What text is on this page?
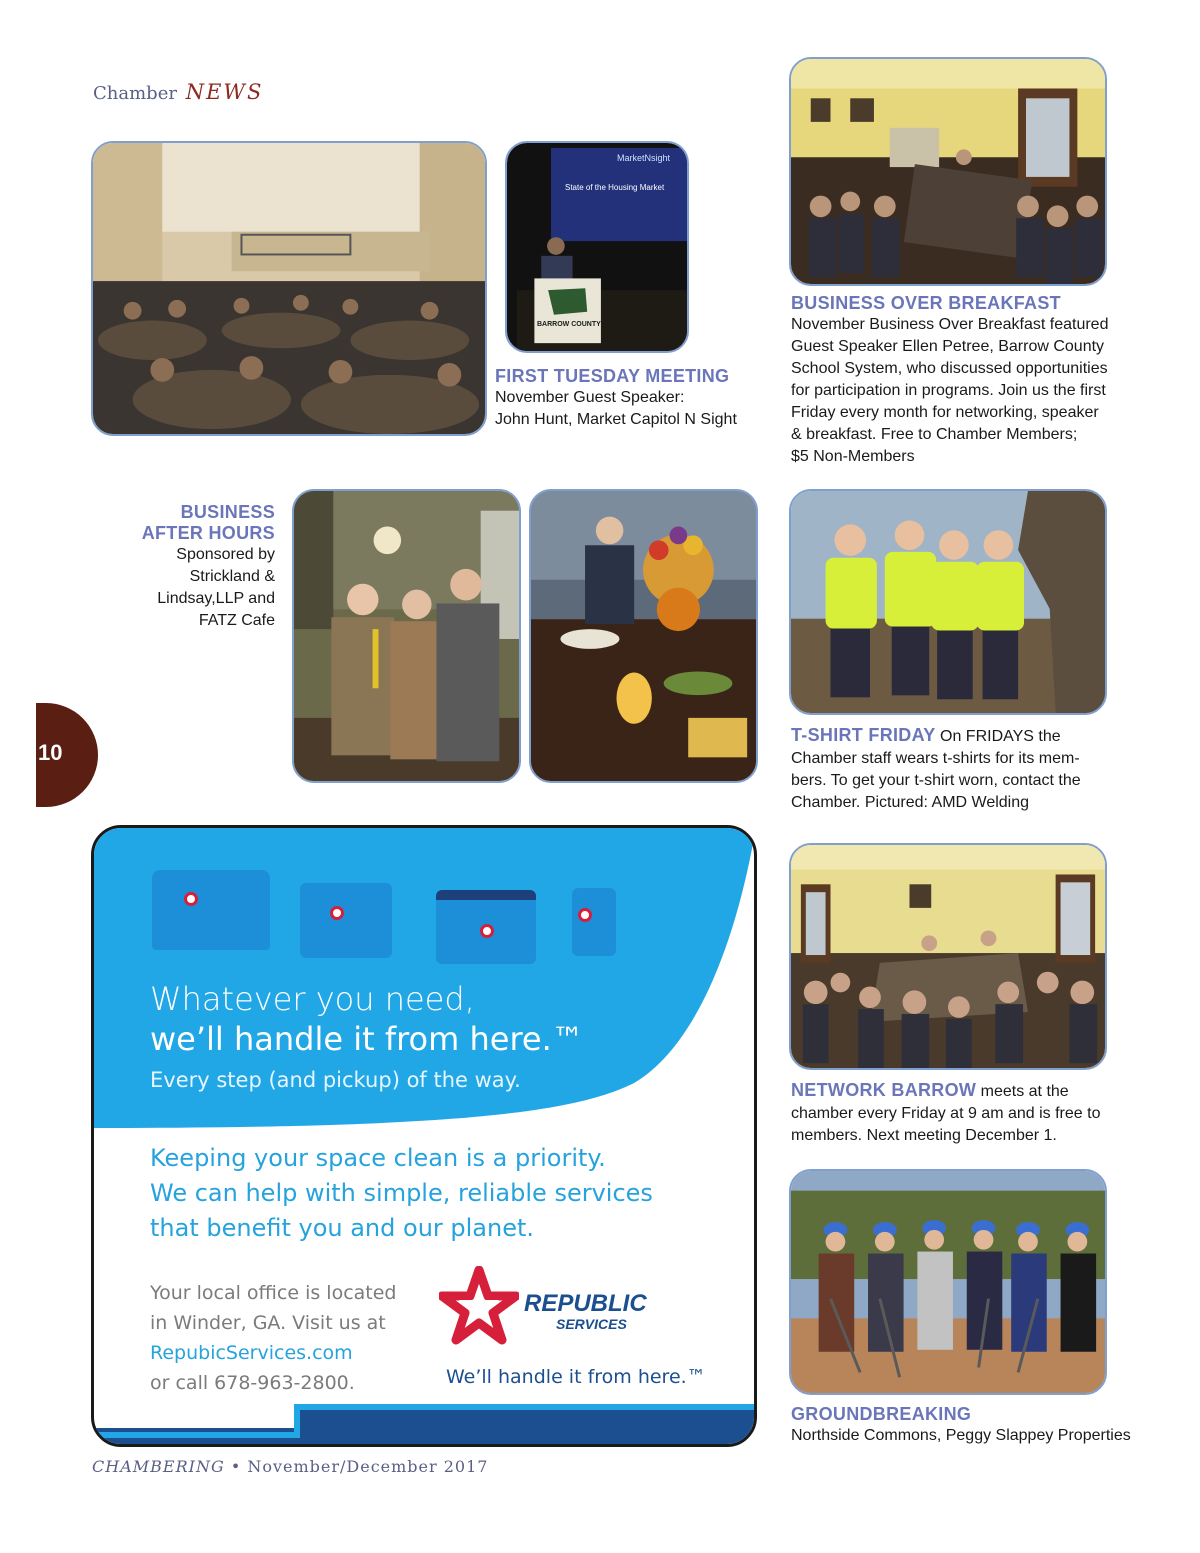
Chamber NEWS
MarketNsight
State of the Housing Market
BARROW COUNTY
FIRST TUESDAY MEETING
November Guest Speaker:
John Hunt, Market Capitol N Sight
BUSINESS OVER BREAKFAST
November Business Over Breakfast featured
Guest Speaker Ellen Petree, Barrow County
School System, who discussed opportunities
for participation in programs. Join us the first
Friday every month for networking, speaker
& breakfast. Free to Chamber Members;
$5 Non-Members
BUSINESS
AFTER HOURS
Sponsored by
Strickland &
Lindsay,LLP and
FATZ Cafe
T-SHIRT FRIDAY On FRIDAYS the
Chamber staff wears t-shirts for its mem-
bers. To get your t-shirt worn, contact the
Chamber. Pictured: AMD Welding
10
NETWORK BARROW meets at the
chamber every Friday at 9 am and is free to
members. Next meeting December 1.
GROUNDBREAKING
Northside Commons, Peggy Slappey Properties
Whatever you need,
we’ll handle it from here.™
Every step (and pickup) of the way.
Keeping your space clean is a priority.
We can help with simple, reliable services
that benefit you and our planet.
Your local office is located
in Winder, GA. Visit us at
RepubicServices.com
or call 678-963-2800.
REPUBLIC
SERVICES
We’ll handle it from here.™
CHAMBERING • November/December 2017
